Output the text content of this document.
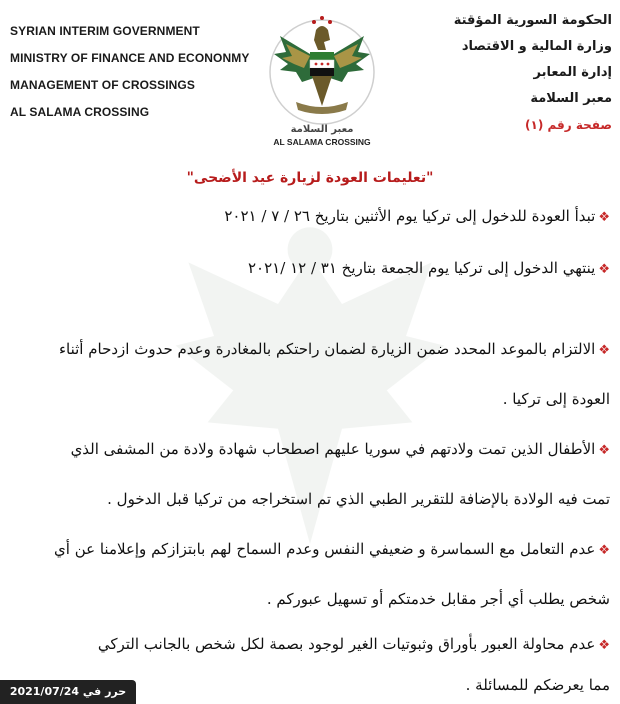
SYRIAN INTERIM GOVERNMENT
MINISTRY OF FINANCE AND ECONONMY
MANAGEMENT OF CROSSINGS
AL SALAMA CROSSING
الحكومة السورية المؤقتة
وزارة المالية و الاقتصاد
إدارة المعابر
معبر السلامة
صفحة رقم (١)
معبر السلامة
AL SALAMA CROSSING
"تعليمات العودة لزيارة عيد الأضحى"
❖تبدأ العودة للدخول إلى تركيا يوم الأثنين بتاريخ ٢٦ / ٧ / ٢٠٢١
❖ينتهي الدخول إلى تركيا يوم الجمعة بتاريخ ٣١ / ١٢ /٢٠٢١
❖الالتزام بالموعد المحدد ضمن الزيارة لضمان راحتكم بالمغادرة وعدم حدوث ازدحام أثناء
العودة إلى تركيا .
❖الأطفال الذين تمت ولادتهم في سوريا عليهم اصطحاب شهادة ولادة من المشفى الذي
تمت فيه الولادة بالإضافة للتقرير الطبي الذي تم استخراجه من تركيا قبل الدخول .
❖عدم التعامل مع السماسرة و ضعيفي النفس وعدم السماح لهم بابتزازكم وإعلامنا عن أي
شخص يطلب أي أجر مقابل خدمتكم أو تسهيل عبوركم .
❖عدم محاولة العبور بأوراق وثبوتيات الغير لوجود بصمة لكل شخص بالجانب التركي
مما يعرضكم للمسائلة .
حرر في 2021/07/24
